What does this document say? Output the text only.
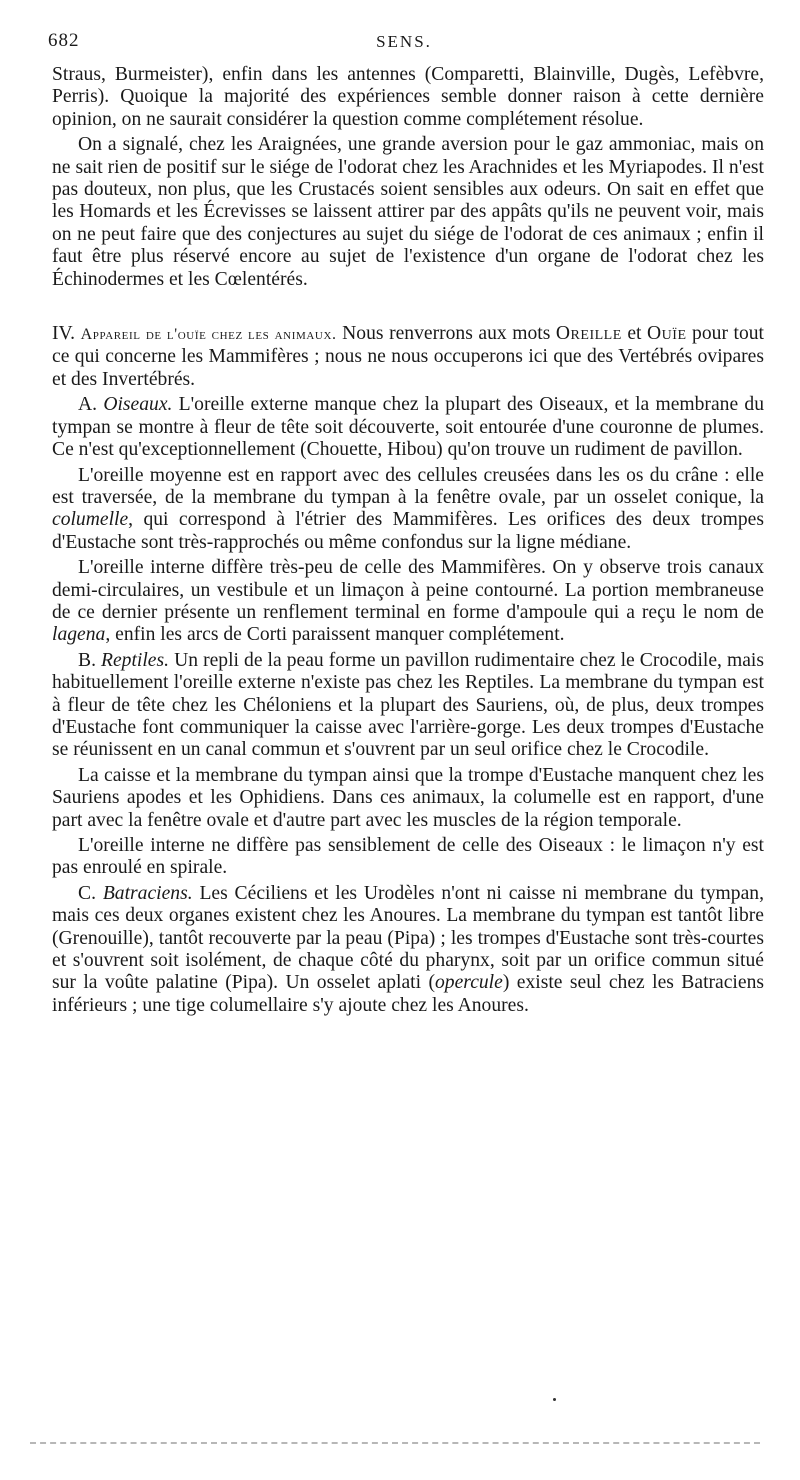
682	SENS.

Straus, Burmeister), enfin dans les antennes (Comparetti, Blainville, Dugès, Lefèbvre, Perris). Quoique la majorité des expériences semble donner raison à cette dernière opinion, on ne saurait considérer la question comme complétement résolue.

On a signalé, chez les Araignées, une grande aversion pour le gaz ammoniac, mais on ne sait rien de positif sur le siége de l'odorat chez les Arachnides et les Myriapodes. Il n'est pas douteux, non plus, que les Crustacés soient sensibles aux odeurs. On sait en effet que les Homards et les Écrevisses se laissent attirer par des appâts qu'ils ne peuvent voir, mais on ne peut faire que des conjectures au sujet du siége de l'odorat de ces animaux ; enfin il faut être plus réservé encore au sujet de l'existence d'un organe de l'odorat chez les Échinodermes et les Cœlentérés.

IV. Appareil de l'ouïe chez les animaux. Nous renverrons aux mots Oreille et Ouïe pour tout ce qui concerne les Mammifères ; nous ne nous occuperons ici que des Vertébrés ovipares et des Invertébrés.

A. Oiseaux. L'oreille externe manque chez la plupart des Oiseaux, et la membrane du tympan se montre à fleur de tête soit découverte, soit entourée d'une couronne de plumes. Ce n'est qu'exceptionnellement (Chouette, Hibou) qu'on trouve un rudiment de pavillon.

L'oreille moyenne est en rapport avec des cellules creusées dans les os du crâne : elle est traversée, de la membrane du tympan à la fenêtre ovale, par un osselet conique, la columelle, qui correspond à l'étrier des Mammifères. Les orifices des deux trompes d'Eustache sont très-rapprochés ou même confondus sur la ligne médiane.

L'oreille interne diffère très-peu de celle des Mammifères. On y observe trois canaux demi-circulaires, un vestibule et un limaçon à peine contourné. La portion membraneuse de ce dernier présente un renflement terminal en forme d'ampoule qui a reçu le nom de lagena, enfin les arcs de Corti paraissent manquer complétement.

B. Reptiles. Un repli de la peau forme un pavillon rudimentaire chez le Crocodile, mais habituellement l'oreille externe n'existe pas chez les Reptiles. La membrane du tympan est à fleur de tête chez les Chéloniens et la plupart des Sauriens, où, de plus, deux trompes d'Eustache font communiquer la caisse avec l'arrière-gorge. Les deux trompes d'Eustache se réunissent en un canal commun et s'ouvrent par un seul orifice chez le Crocodile.

La caisse et la membrane du tympan ainsi que la trompe d'Eustache manquent chez les Sauriens apodes et les Ophidiens. Dans ces animaux, la columelle est en rapport, d'une part avec la fenêtre ovale et d'autre part avec les muscles de la région temporale.

L'oreille interne ne diffère pas sensiblement de celle des Oiseaux : le limaçon n'y est pas enroulé en spirale.

C. Batraciens. Les Céciliens et les Urodèles n'ont ni caisse ni membrane du tympan, mais ces deux organes existent chez les Anoures. La membrane du tympan est tantôt libre (Grenouille), tantôt recouverte par la peau (Pipa) ; les trompes d'Eustache sont très-courtes et s'ouvrent soit isolément, de chaque côté du pharynx, soit par un orifice commun situé sur la voûte palatine (Pipa). Un osselet aplati (opercule) existe seul chez les Batraciens inférieurs ; une tige columellaire s'y ajoute chez les Anoures.
